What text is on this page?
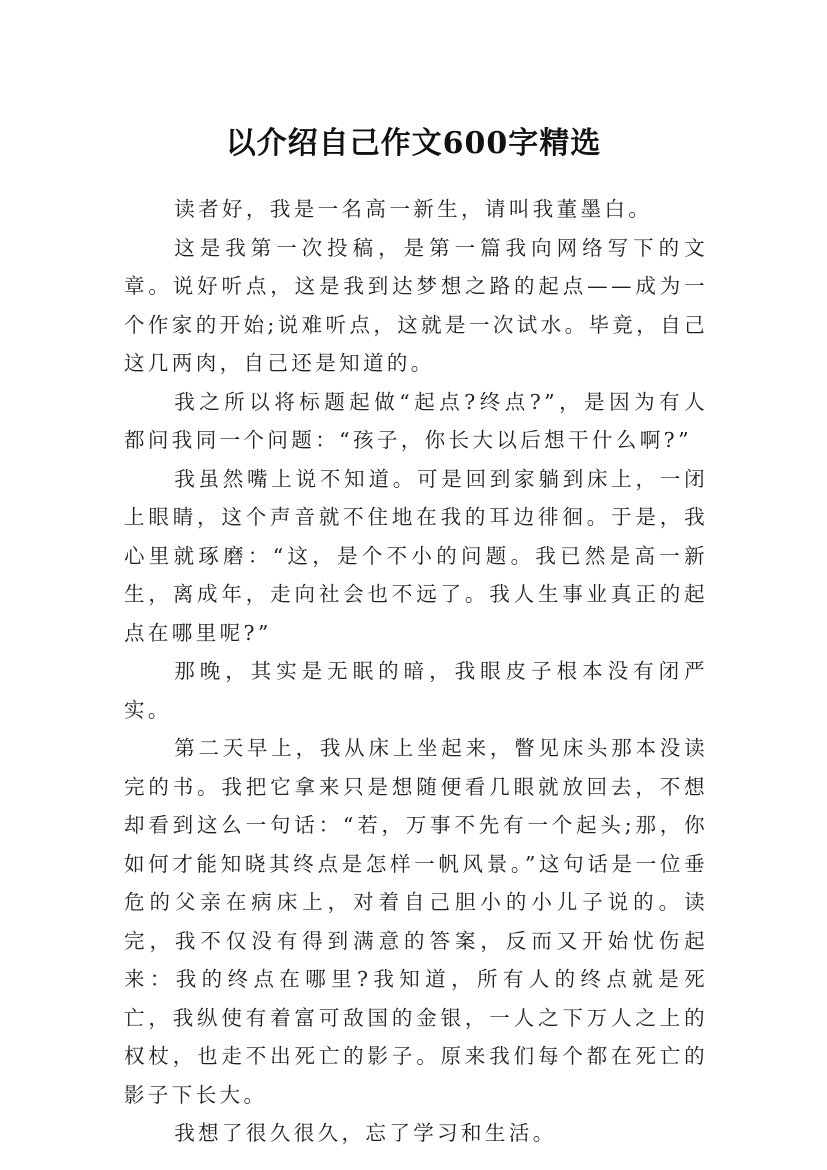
以介绍自己作文600字精选

读者好，我是一名高一新生，请叫我董墨白。

这是我第一次投稿，是第一篇我向网络写下的文章。说好听点，这是我到达梦想之路的起点——成为一个作家的开始;说难听点，这就是一次试水。毕竟，自己这几两肉，自己还是知道的。

我之所以将标题起做“起点?终点?”，是因为有人都问我同一个问题：“孩子，你长大以后想干什么啊?”

我虽然嘴上说不知道。可是回到家躺到床上，一闭上眼睛，这个声音就不住地在我的耳边徘徊。于是，我心里就琢磨：“这，是个不小的问题。我已然是高一新生，离成年，走向社会也不远了。我人生事业真正的起点在哪里呢?”

那晚，其实是无眠的暗，我眼皮子根本没有闭严实。

第二天早上，我从床上坐起来，瞥见床头那本没读完的书。我把它拿来只是想随便看几眼就放回去，不想却看到这么一句话：“若，万事不先有一个起头;那，你如何才能知晓其终点是怎样一帆风景。”这句话是一位垂危的父亲在病床上，对着自己胆小的小儿子说的。读完，我不仅没有得到满意的答案，反而又开始忧伤起来：我的终点在哪里?我知道，所有人的终点就是死亡，我纵使有着富可敌国的金银，一人之下万人之上的权杖，也走不出死亡的影子。原来我们每个都在死亡的影子下长大。

我想了很久很久，忘了学习和生活。
